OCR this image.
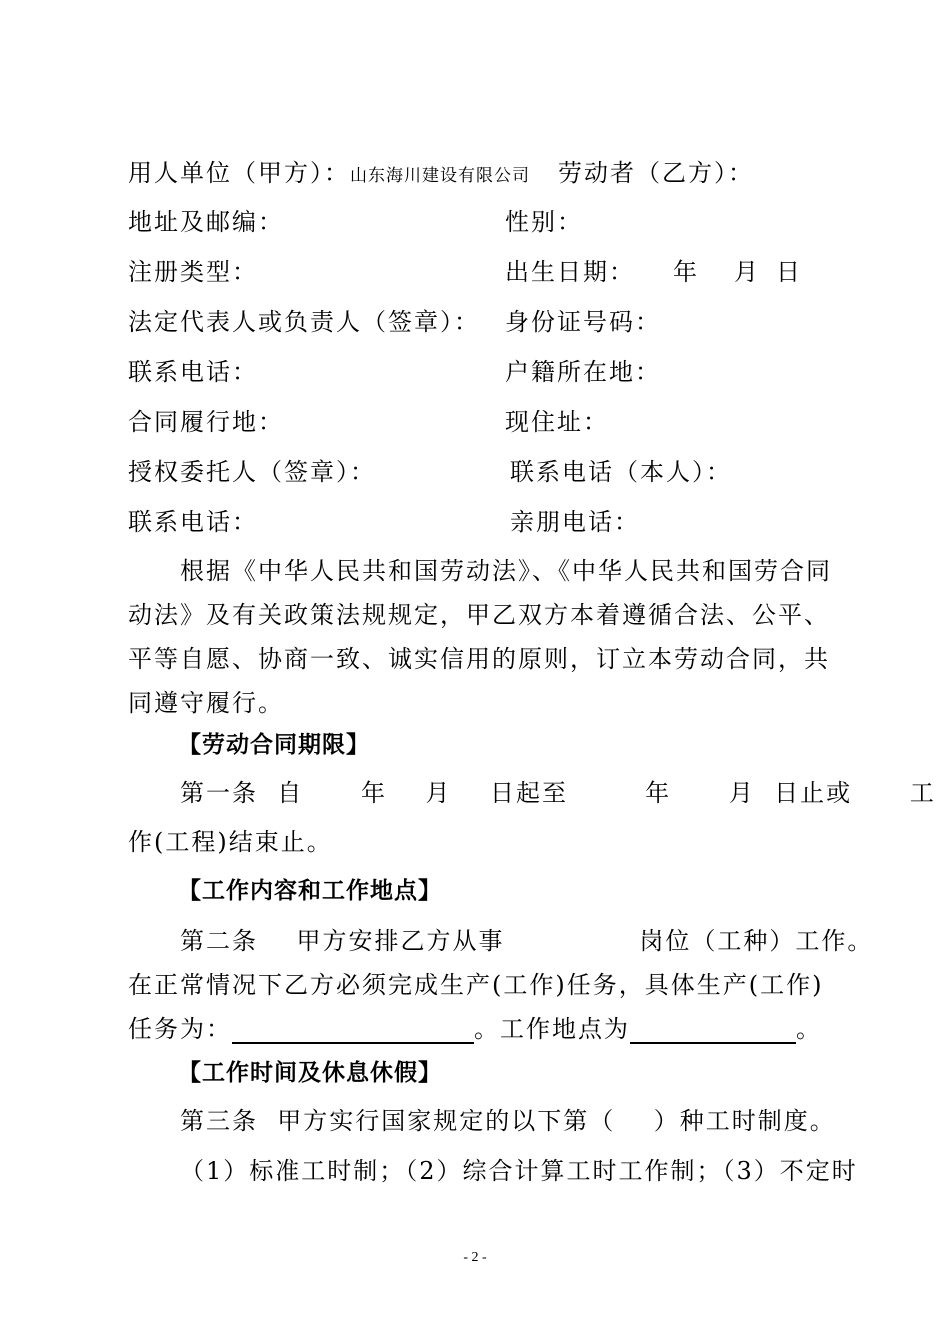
用人单位（甲方）：山东海川建设有限公司 劳动者（乙方）：
地址及邮编：	性别：
注册类型：	出生日期： 年 月 日
法定代表人或负责人（签章）： 身份证号码：
联系电话：	户籍所在地：
合同履行地：	现住址：
授权委托人（签章）：	联系电话（本人）：
联系电话：	亲朋电话：
根据《中华人民共和国劳动法》、《中华人民共和国劳合同
动法》及有关政策法规规定，甲乙双方本着遵循合法、公平、
平等自愿、协商一致、诚实信用的原则，订立本劳动合同，共
同遵守履行。
【劳动合同期限】
第一条  自      年    月    日起至        年      月  日止或      工
作(工程)结束止。
【工作内容和工作地点】
第二条    甲方安排乙方从事              岗位（工种）工作。
在正常情况下乙方必须完成生产(工作)任务，具体生产(工作)
任务为：	。工作地点为	。
【工作时间及休息休假】
第三条  甲方实行国家规定的以下第（    ）种工时制度。
（1）标准工时制；（2）综合计算工时工作制；（3）不定时
- 2 -
